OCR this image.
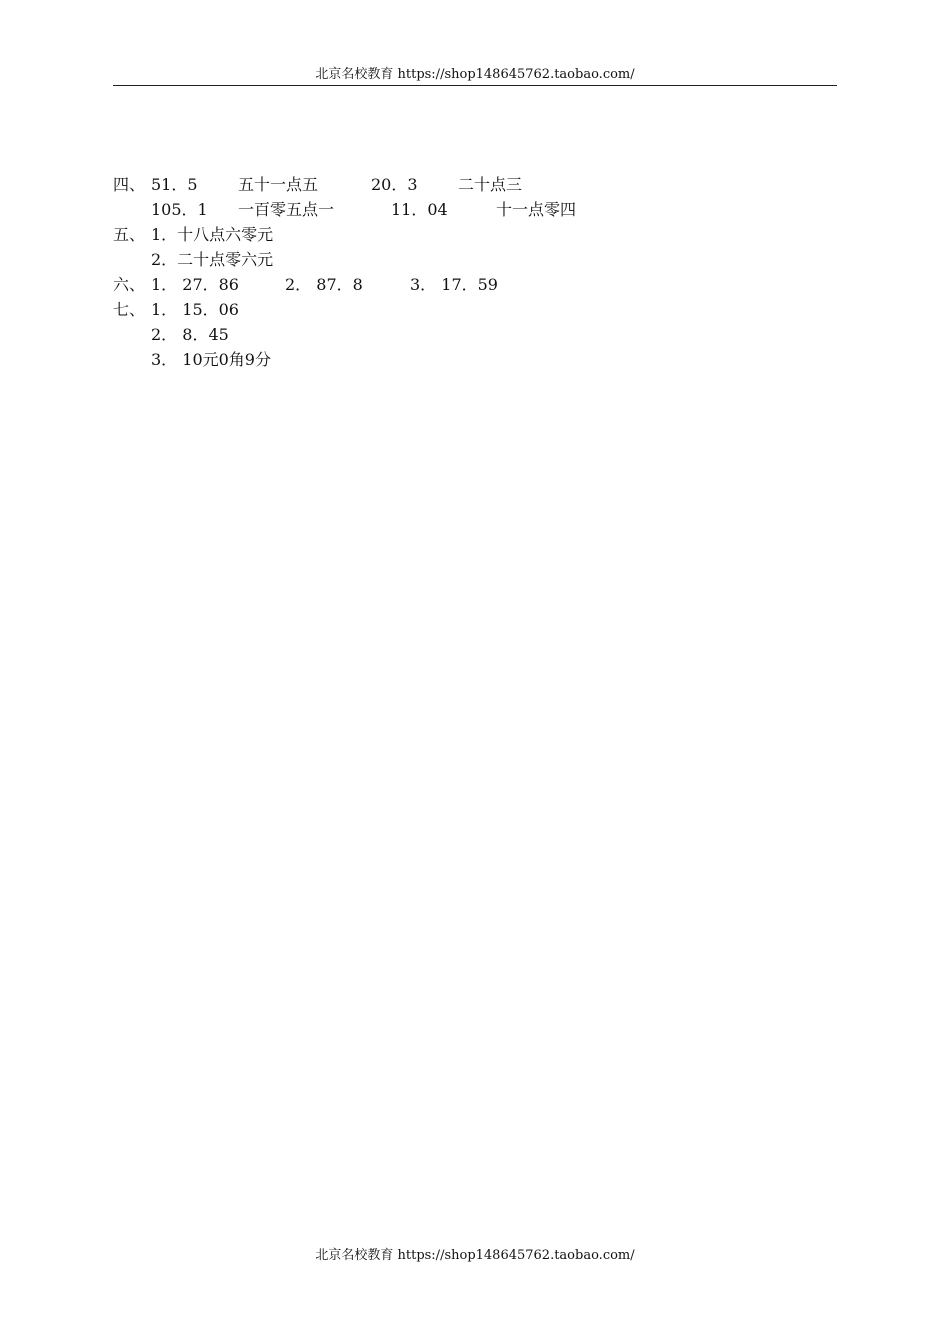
北京名校教育 https://shop148645762.taobao.com/
四、 51．5	五十一点五	20．3	二十点三
105．1 一百零五点一	11．04	十一点零四
五、 1．十八点六零元
2．二十点零六元
六、 1． 27．86	2． 87．8	3． 17．59
七、 1． 15．06
2． 8．45
3． 10元0角9分
北京名校教育 https://shop148645762.taobao.com/
